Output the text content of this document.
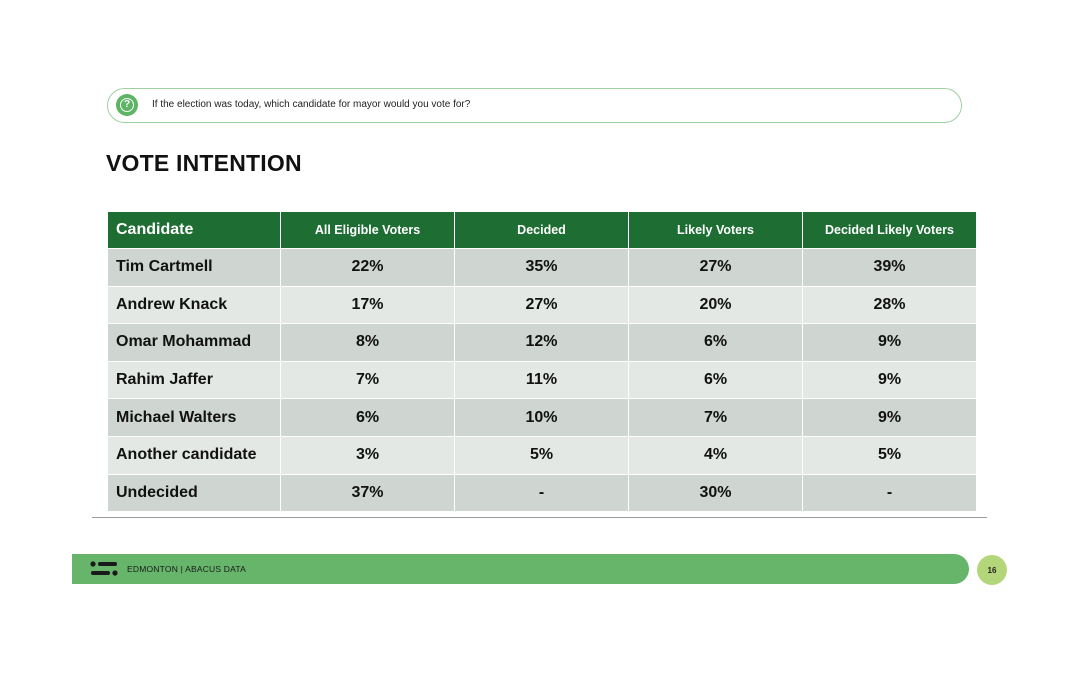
?	If the election was today, which candidate for mayor would you vote for?
VOTE INTENTION
Candidate	All Eligible Voters	Decided	Likely Voters	Decided Likely Voters
Tim Cartmell	22%	35%	27%	39%
Andrew Knack	17%	27%	20%	28%
Omar Mohammad	8%	12%	6%	9%
Rahim Jaffer	7%	11%	6%	9%
Michael Walters	6%	10%	7%	9%
Another candidate	3%	5%	4%	5%
Undecided	37%	-	30%	-
EDMONTON | ABACUS DATA	16
